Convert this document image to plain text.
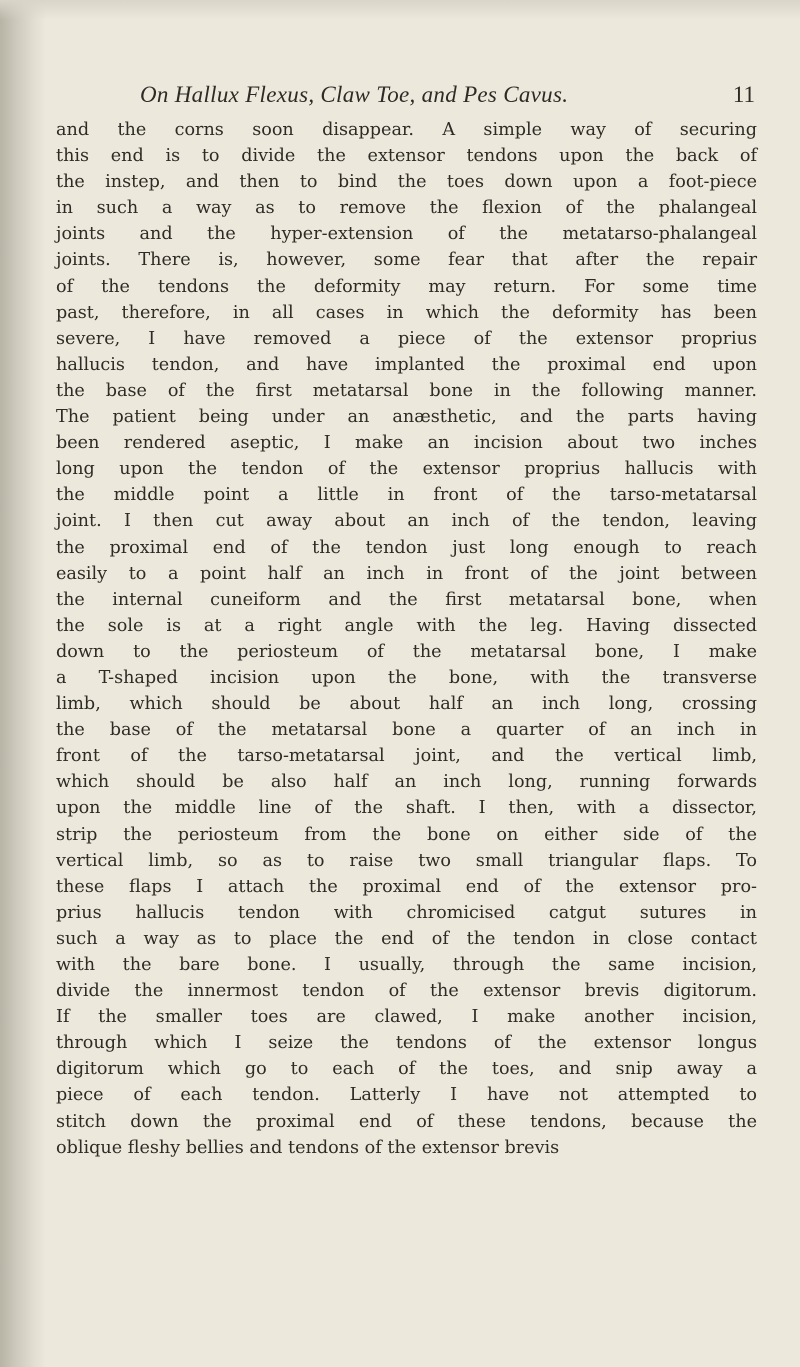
On Hallux Flexus, Claw Toe, and Pes Cavus.	11
and the corns soon disappear. A simple way of securing
this end is to divide the extensor tendons upon the back of
the instep, and then to bind the toes down upon a foot-piece
in such a way as to remove the flexion of the phalangeal
joints and the hyper-extension of the metatarso-phalangeal
joints. There is, however, some fear that after the repair
of the tendons the deformity may return. For some time
past, therefore, in all cases in which the deformity has been
severe, I have removed a piece of the extensor proprius
hallucis tendon, and have implanted the proximal end upon
the base of the first metatarsal bone in the following manner.
The patient being under an anæsthetic, and the parts having
been rendered aseptic, I make an incision about two inches
long upon the tendon of the extensor proprius hallucis with
the middle point a little in front of the tarso-metatarsal
joint. I then cut away about an inch of the tendon, leaving
the proximal end of the tendon just long enough to reach
easily to a point half an inch in front of the joint between
the internal cuneiform and the first metatarsal bone, when
the sole is at a right angle with the leg. Having dissected
down to the periosteum of the metatarsal bone, I make
a T-shaped incision upon the bone, with the transverse
limb, which should be about half an inch long, crossing
the base of the metatarsal bone a quarter of an inch in
front of the tarso-metatarsal joint, and the vertical limb,
which should be also half an inch long, running forwards
upon the middle line of the shaft. I then, with a dissector,
strip the periosteum from the bone on either side of the
vertical limb, so as to raise two small triangular flaps. To
these flaps I attach the proximal end of the extensor pro-
prius hallucis tendon with chromicised catgut sutures in
such a way as to place the end of the tendon in close contact
with the bare bone. I usually, through the same incision,
divide the innermost tendon of the extensor brevis digitorum.
If the smaller toes are clawed, I make another incision,
through which I seize the tendons of the extensor longus
digitorum which go to each of the toes, and snip away a
piece of each tendon. Latterly I have not attempted to
stitch down the proximal end of these tendons, because the
oblique fleshy bellies and tendons of the extensor brevis
